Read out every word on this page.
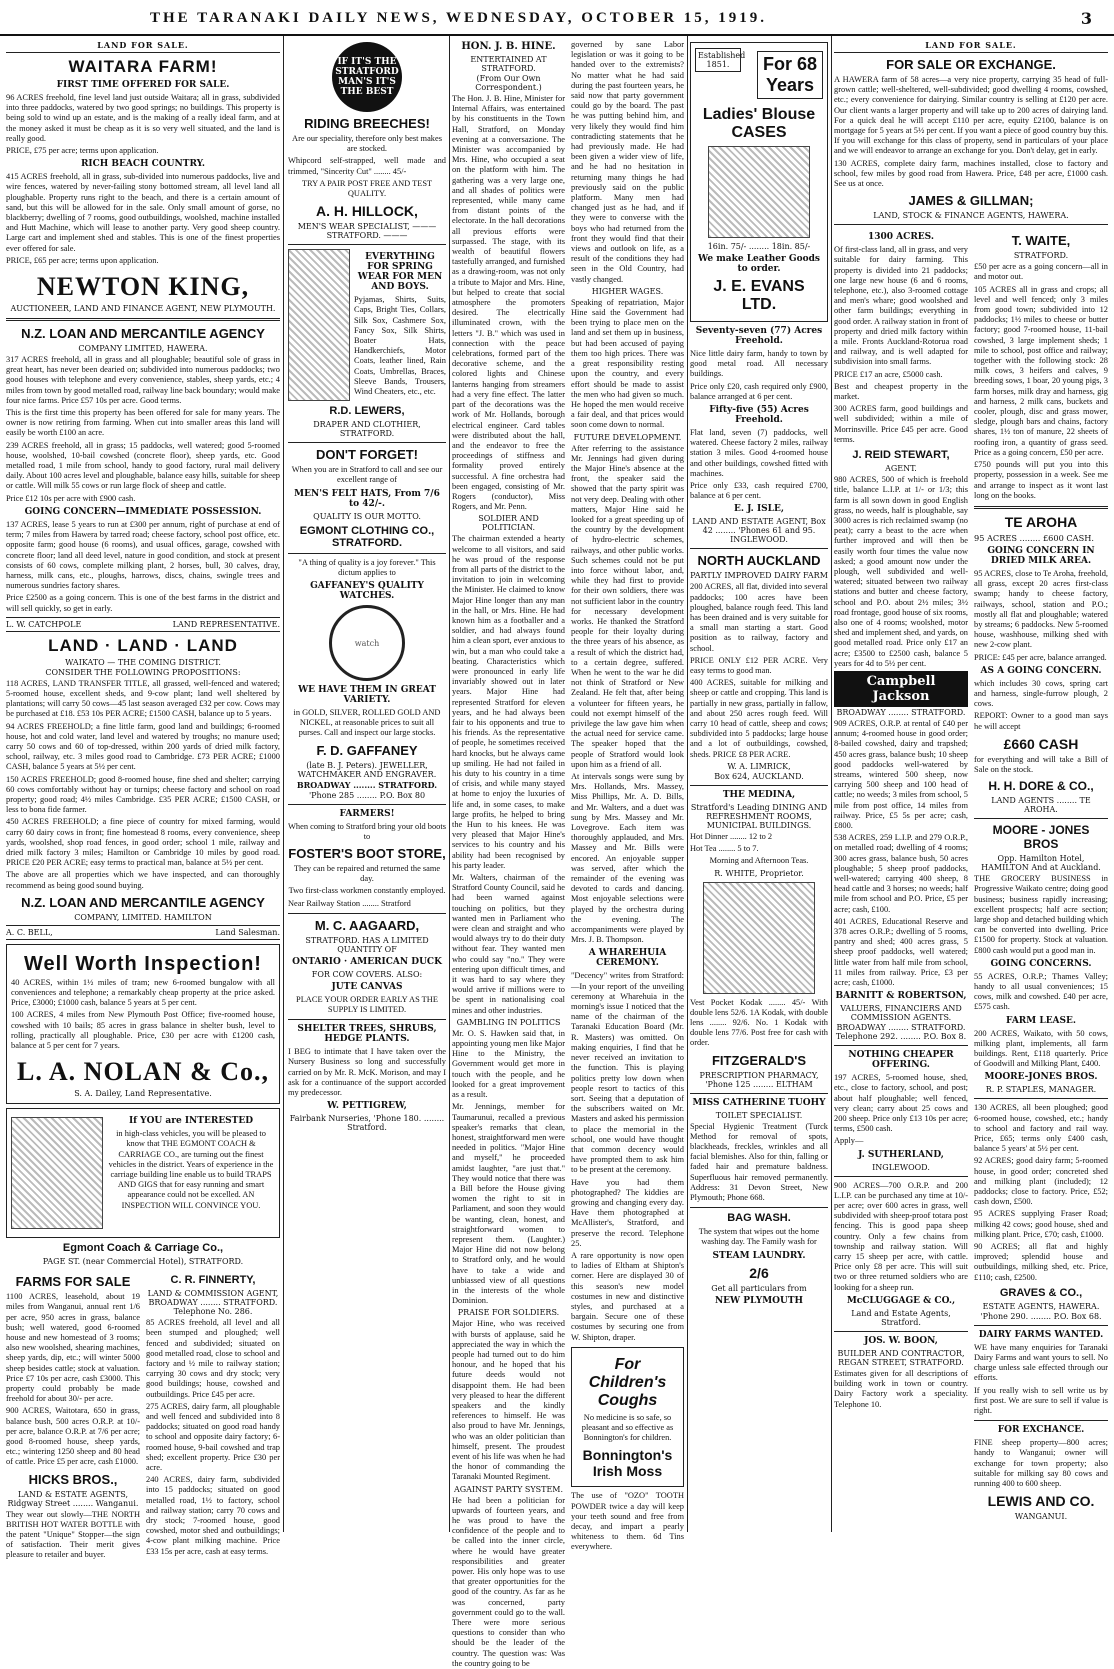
THE TARANAKI DAILY NEWS, WEDNESDAY, OCTOBER 15, 1919.	3
LAND FOR SALE.
WAITARA FARM!
FIRST TIME OFFERED FOR SALE.

96 ACRES freehold, fine level land just outside Waitara; all in grass, subdivided into three paddocks, watered by two good springs; no buildings. This property is being sold to wind up an estate, and is the making of a really ideal farm, and at the money asked it must be cheap as it is so very well situated, and the land is really good.

PRICE, £75 per acre; terms upon application.

RICH BEACH COUNTRY.

415 ACRES freehold, all in grass, sub-divided into numerous paddocks, live and wire fences, watered by never-failing stony bottomed stream, all level land all ploughable. Property runs right to the beach, and there is a certain amount of sand, but this will be allowed for in the sale. Only small amount of gorse, no blackberry; dwelling of 7 rooms, good outbuildings, woolshed, machine installed and Hutt Machine, which will lease to another party. Very good sheep country. Large cart and implement shed and stables. This is one of the finest properties ever offered for sale.

PRICE, £65 per acre; terms upon application.

NEWTON KING,
AUCTIONEER, LAND AND FINANCE AGENT, NEW PLYMOUTH.
N.Z. LOAN AND MERCANTILE AGENCY
COMPANY LIMITED, HAWERA.

317 ACRES freehold, all in grass and all ploughable; beautiful sole of grass in great heart, has never been dearied on; subdivided into numerous paddocks; two good houses with telephone and every convenience, stables, sheep yards, etc.; 4 miles from town by good metalled road, railway line back boundary; would make four nice farms. Price £57 10s per acre. Good terms.

This is the first time this property has been offered for sale for many years. The owner is now retiring from farming. When cut into smaller areas this land will easily be worth £100 an acre.

239 ACRES freehold, all in grass; 15 paddocks, well watered; good 5-roomed house, woolshed, 10-bail cowshed (concrete floor), sheep yards, etc. Good metalled road, 1 mile from school, handy to good factory, rural mail delivery daily. About 100 acres level and ploughable, balance easy hills, suitable for sheep or cattle. Will milk 55 cows or run large flock of sheep and cattle.

Price £12 10s per acre with £900 cash.

GOING CONCERN—IMMEDIATE POSSESSION.

137 ACRES, lease 5 years to run at £300 per annum, right of purchase at end of term; 7 miles from Hawera by tarred road; cheese factory, school post office, etc. opposite farm; good house (6 rooms), and usual offices, garage, cowshed with concrete floor; land all deed level, nature in good condition, and stock at present consists of 60 cows, complete milking plant, 2 horses, bull, 30 calves, dray, harness, milk cans, etc., ploughs, harrows, discs, chains, swingle trees and numerous sundries factory shares.

Price £2500 as a going concern. This is one of the best farms in the district and will sell quickly, so get in early.

L. W. CATCHPOLE	LAND REPRESENTATIVE.
LAND · LAND · LAND
WAIKATO — THE COMING DISTRICT.
CONSIDER THE FOLLOWING PROPOSITIONS:

118 ACRES, LAND TRANSFER TITLE, all grassed, well-fenced and watered; 5-roomed house, excellent sheds, and 9-cow plant; land well sheltered by plantations; will carry 50 cows—45 last season averaged £32 per cow. Cows may be purchased at £18. £53 10s PER ACRE; £1500 CASH, balance up to 5 years.

94 ACRES FREEHOLD; a fine little farm, good land and buildings; 6-roomed house, hot and cold water, land level and watered by troughs; no manure used; carry 50 cows and 60 of top-dressed, within 200 yards of dried milk factory, school, railway, etc. 3 miles good road to Cambridge. £73 PER ACRE; £1000 CASH, balance 5 years at 5½ per cent.

150 ACRES FREEHOLD; good 8-roomed house, fine shed and shelter; carrying 60 cows comfortably without hay or turnips; cheese factory and school on road property; good road; 4½ miles Cambridge. £35 PER ACRE; £1500 CASH, or less to bona fide farmer.

450 ACRES FREEHOLD; a fine piece of country for mixed farming, would carry 60 dairy cows in front; fine homestead 8 rooms, every convenience, sheep yards, woolshed, shop road fences, in good order; school 1 mile, railway and dried milk factory 3 miles; Hamilton or Cambridge 10 miles by good road. PRICE £20 PER ACRE; easy terms to practical man, balance at 5½ per cent.

The above are all properties which we have inspected, and can thoroughly recommend as being good sound buying.

N.Z. LOAN AND MERCANTILE AGENCY
COMPANY, LIMITED. HAMILTON
A. C. BELL,	Land Salesman.
Well Worth Inspection!

40 ACRES, within 1½ miles of tram; new 6-roomed bungalow with all conveniences and telephone; a remarkably cheap property at the price asked. Price, £3000; £1000 cash, balance 5 years at 5 per cent.

100 ACRES, 4 miles from New Plymouth Post Office; five-roomed house, cowshed with 10 bails; 85 acres in grass balance in shelter bush, level to rolling, practically all ploughable. Price, £30 per acre with £1200 cash, balance at 5 per cent for 7 years.

L. A. NOLAN & Co.,
S. A. Dailey, Land Representative.
If YOU are INTERESTED

in high-class vehicles, you will be pleased to know that THE EGMONT COACH & CARRIAGE CO., are turning out the finest vehicles in the district. Years of experience in the carriage building line enable us to build TRAPS AND GIGS that for easy running and smart appearance could not be excelled. AN INSPECTION WILL CONVINCE YOU.

Egmont Coach & Carriage Co.,
PAGE ST. (near Commercial Hotel), STRATFORD.
FARMS FOR SALE

1100 ACRES, leasehold, about 19 miles from Wanganui, annual rent 1/6 per acre, 950 acres in grass, balance bush; well watered, good 6-roomed house and new homestead of 3 rooms; also new woolshed, shearing machines, sheep yards, dip, etc.; will winter 5000 sheep besides cattle; stock at valuation. Price £7 10s per acre, cash £3000. This property could probably be made freehold for about 30/- per acre.

900 ACRES, Waitotara, 650 in grass, balance bush, 500 acres O.R.P. at 10/- per acre, balance O.R.P. at 7/6 per acre; good 8-roomed house, sheep yards, etc.; wintering 1250 sheep and 80 head of cattle. Price £5 per acre, cash £1000.

HICKS BROS.,
LAND & ESTATE AGENTS, Ridgway Street ........ Wanganui.

They wear out slowly—THE NORTH BRITISH HOT WATER BOTTLE with the patent "Unique" Stopper—the sign of satisfaction. Their merit gives pleasure to retailer and buyer.

C. R. FINNERTY,
LAND & COMMISSION AGENT, BROADWAY ........ STRATFORD. Telephone No. 286.

85 ACRES freehold, all level and all been stumped and ploughed; well fenced and subdivided; situated on good metalled road, close to school and factory and ½ mile to railway station; carrying 30 cows and dry stock; very good buildings; house, cowshed and outbuildings. Price £45 per acre.

275 ACRES, dairy farm, all ploughable and well fenced and subdivided into 8 paddocks; situated on good road handy to school and opposite dairy factory; 6-roomed house, 9-bail cowshed and trap shed; excellent property. Price £30 per acre.

240 ACRES, dairy farm, subdivided into 15 paddocks; situated on good metalled road, 1½ to factory, school and railway station; carry 70 cows and dry stock; 7-roomed house, good cowshed, motor shed and outbuildings; 4-cow plant milking machine. Price £33 15s per acre, cash at easy terms.

IF IT'S THE STRATFORD MAN'S IT'S THE BEST
RIDING BREECHES!

Are our speciality, therefore only best makes are stocked.

Whipcord self-strapped, well made and trimmed, "Sincerity Cut" ........ 45/-

TRY A PAIR POST FREE AND TEST QUALITY.

A. H. HILLOCK,
MEN'S WEAR SPECIALIST, ——— STRATFORD. ———
EVERYTHING FOR SPRING WEAR FOR MEN AND BOYS.

Pyjamas, Shirts, Suits, Caps, Bright Ties, Collars, Silk Sox, Cashmere Sox, Fancy Sox, Silk Shirts, Boater Hats, Handkerchiefs, Motor Coats, leather lined, Rain Coats, Umbrellas, Braces, Sleeve Bands, Trousers, Wind Cheaters, etc., etc.

R.D. LEWERS,
DRAPER AND CLOTHIER, STRATFORD.
DON'T FORGET!

When you are in Stratford to call and see our excellent range of

MEN'S FELT HATS, From 7/6 to 42/-.
QUALITY IS OUR MOTTO.
EGMONT CLOTHING CO., STRATFORD.

"A thing of quality is a joy forever." This dictum applies to

GAFFANEY'S QUALITY WATCHES.
watch
WE HAVE THEM IN GREAT VARIETY.

in GOLD, SILVER, ROLLED GOLD AND NICKEL, at reasonable prices to suit all purses. Call and inspect our large stocks.

F. D. GAFFANEY
(late B. J. Peters). JEWELLER, WATCHMAKER AND ENGRAVER.
BROADWAY ........ STRATFORD.
'Phone 285 ........ P.O. Box 80
FARMERS!

When coming to Stratford bring your old boots to

FOSTER'S BOOT STORE,

They can be repaired and returned the same day.

Two first-class workmen constantly employed.

Near Railway Station ........ Stratford

M. C. AAGAARD,
STRATFORD. HAS A LIMITED QUANTITY OF
ONTARIO · AMERICAN DUCK
FOR COW COVERS. ALSO:
JUTE CANVAS

PLACE YOUR ORDER EARLY AS THE SUPPLY IS LIMITED.

SHELTER TREES, SHRUBS, HEDGE PLANTS.

I BEG to intimate that I have taken over the Nursery Business so long and successfully carried on by Mr. R. McK. Morison, and may I ask for a continuance of the support accorded my predecessor.

W. PETTIGREW,
Fairbank Nurseries, 'Phone 180. ........ Stratford.
HON. J. B. HINE.
ENTERTAINED AT STRATFORD.
(From Our Own Correspondent.)

The Hon. J. B. Hine, Minister for Internal Affairs, was entertained by his constituents in the Town Hall, Stratford, on Monday evening at a conversazione. The Minister was accompanied by Mrs. Hine, who occupied a seat on the platform with him. The gathering was a very large one, and all shades of politics were represented, while many came from distant points of the electorate. In the hall decorations all previous efforts were surpassed. The stage, with its wealth of beautiful flowers tastefully arranged, and furnished as a drawing-room, was not only a tribute to Major and Mrs. Hine, but helped to create that social atmosphere the promoters desired. The electrically illuminated crown, with the letters "J. B." which was used in connection with the peace celebrations, formed part of the decorative scheme, and the colored lights and Chinese lanterns hanging from streamers had a very fine effect. The latter part of the decorations was the work of Mr. Hollands, borough electrical engineer. Card tables were distributed about the hall, and the endeavor to free the proceedings of stiffness and formality proved entirely successful. A fine orchestra had been engaged, consisting of Mr. Rogers (conductor), Miss Rogers, and Mr. Penn.

SOLDIER AND POLITICIAN.

The chairman extended a hearty welcome to all visitors, and said he was proud of the response from all parts of the district to the invitation to join in welcoming the Minister. He claimed to know Major Hine longer than any man in the hall, or Mrs. Hine. He had known him as a footballer and a soldier, and had always found him a clean sport, ever anxious to win, but a man who could take a beating. Characteristics which were pronounced in early life invariably showed out in later years. Major Hine had represented Stratford for eleven years, and he had always been fair to his opponents and true to his friends. As the representative of people, he sometimes received hard knocks, but he always came up smiling. He had not failed in his duty to his country in a time of crisis, and while many stayed at home to enjoy the luxuries of life and, in some cases, to make large profits, he helped to bring the Hun to his knees. He was very pleased that Major Hine's services to his country and his ability had been recognised by his party leader.

Mr. Walters, chairman of the Stratford County Council, said he had been warned against touching on politics, but they wanted men in Parliament who were clean and straight and who would always try to do their duty without fear. They wanted men who could say "no." They were entering upon difficult times, and it was hard to say where they would arrive if millions were to be spent in nationalising coal mines and other industries.

GAMBLING IN POLITICS

Mr. O. S. Hawken said that, in appointing young men like Major Hine to the Ministry, the Government would get more in touch with the people, and he looked for a great improvement as a result.

Mr. Jennings, member for Taumarunui, recalled a previous speaker's remarks that clean, honest, straightforward men were needed in politics. "Major Hine and myself," he proceeded amidst laughter, "are just that." They would notice that there was a Bill before the House giving women the right to sit in Parliament, and soon they would be wanting, clean, honest, and straightforward women to represent them. (Laughter.) Major Hine did not now belong to Stratford only, and he would have to take a wide and unbiassed view of all questions in the interests of the whole Dominion.

PRAISE FOR SOLDIERS.

Major Hine, who was received with bursts of applause, said he appreciated the way in which the people had turned out to do him honour, and he hoped that his future deeds would not disappoint them. He had been very pleased to hear the different speakers and the kindly references to himself. He was also proud to have Mr. Jennings, who was an older politician than himself, present. The proudest event of his life was when he had the honor of commanding the Taranaki Mounted Regiment.

AGAINST PARTY SYSTEM.

He had been a politician for upwards of fourteen years, and he was proud to have the confidence of the people and to be called into the inner circle, where he would have greater responsibilities and greater power. His only hope was to use that greater opportunities for the good of the country. As far as he was concerned, party government could go to the wall. There were more serious questions to consider than who should be the leader of the country. The question was: Was the country going to be

governed by sane Labor legislation or was it going to be handed over to the extremists? No matter what he had said during the past fourteen years, he said now that party government could go by the board. The past he was putting behind him, and very likely they would find him contradicting statements that he had previously made. He had been given a wider view of life, and he had no hesitation in returning many things he had previously said on the public platform. Many men had changed just as he had, and if they were to converse with the boys who had returned from the front they would find that their views and outlook on life, as a result of the conditions they had seen in the Old Country, had vastly changed.

HIGHER WAGES.

Speaking of repatriation, Major Hine said the Government had been trying to place men on the land and set them up in business, but had been accused of paying them too high prices. There was a great responsibility resting upon the country, and every effort should be made to assist the men who had given so much. He hoped the men would receive a fair deal, and that prices would soon come down to normal.

FUTURE DEVELOPMENT.

After referring to the assistance Mr. Jennings had given during the Major Hine's absence at the front, the speaker said the showed that the party spirit was not very deep. Dealing with other matters, Major Hine said he looked for a great speeding up of the country by the development of hydro-electric schemes, railways, and other public works. Such schemes could not be put into force without labor, and, while they had first to provide for their own soldiers, there was not sufficient labor in the country for necessary development works. He thanked the Stratford people for their loyalty during the three years of his absence, as a result of which the district had, to a certain degree, suffered. When he went to the war he did not think of Stratford or New Zealand. He felt that, after being a volunteer for fifteen years, he could not exempt himself of the privilege the law gave him when the actual need for service came. The speaker hoped that the people of Stratford would look upon him as a friend of all.

At intervals songs were sung by Mrs. Hollands, Mrs. Massey, Miss Phillips, Mr. A. D. Bills, and Mr. Walters, and a duet was sung by Mrs. Massey and Mr. Lovegrove. Each item was thoroughly applauded, and Mrs. Massey and Mr. Bills were encored. An enjoyable supper was served, after which the remainder of the evening was devoted to cards and dancing. Most enjoyable selections were played by the orchestra during the evening. The accompaniments were played by Mrs. J. B. Thompson.

A WHAREHUIA CEREMONY.

"Decency" writes from Stratford:—In your report of the unveiling ceremony at Wharehuia in the morning's issue I noticed that the name of the chairman of the Taranaki Education Board (Mr. R. Masters) was omitted. On making enquiries, I find that he never received an invitation to the function. This is playing politics pretty low down when people resort to tactics of this sort. Seeing that a deputation of the subscribers waited on Mr. Masters and asked his permission to place the memorial in the school, one would have thought that common decency would have prompted them to ask him to be present at the ceremony.

Have you had them photographed? The kiddies are growing and changing every day. Have them photographed at McAllister's, Stratford, and preserve the record. Telephone 25.

A rare opportunity is now open to ladies of Eltham at Shipton's corner. Here are displayed 30 of this season's new model costumes in new and distinctive styles, and purchased at a bargain. Secure one of these costumes by securing one from W. Shipton, draper.

For Children's Coughs

No medicine is so safe, so pleasant and so effective as Bonnington's for children.

Bonnington's Irish Moss

The use of "OZO" TOOTH POWDER twice a day will keep your teeth sound and free from decay, and impart a pearly whiteness to them. 6d Tins everywhere.

Established 1851.	For 68 Years
Ladies' Blouse CASES
16in. 75/- ........ 18in. 85/-
We make Leather Goods to order.
J. E. EVANS LTD.
Seventy-seven (77) Acres Freehold.

Nice little dairy farm, handy to town by good metal road. All necessary buildings.

Price only £20, cash required only £900, balance arranged at 6 per cent.

Fifty-five (55) Acres Freehold.

Flat land, seven (7) paddocks, well watered. Cheese factory 2 miles, railway station 3 miles. Good 4-roomed house and other buildings, cowshed fitted with machines.

Price only £33, cash required £700, balance at 6 per cent.

E. J. ISLE,
LAND AND ESTATE AGENT, Box 42 ........ 'Phones 61 and 95. INGLEWOOD.
NORTH AUCKLAND
PARTLY IMPROVED DAIRY FARM

200 ACRES, all flat, divided into several paddocks; 100 acres have been ploughed, balance rough feed. This land has been drained and is very suitable for a small man starting a start. Good position as to railway, factory and school.

PRICE ONLY £12 PER ACRE. Very easy terms to good man.

400 ACRES, suitable for milking and sheep or cattle and cropping. This land is partially in new grass, partially in fallow, and about 250 acres rough feed. Will carry 10 head of cattle, sheep and cows; subdivided into 5 paddocks; large house and a lot of outbuildings, cowshed, sheds. PRICE £8 PER ACRE.

W. A. LIMRICK,
Box 624, AUCKLAND.
THE MEDINA,
Stratford's Leading DINING AND REFRESHMENT ROOMS, MUNICIPAL BUILDINGS.

Hot Dinner ........ 12 to 2

Hot Tea ........ 5 to 7.

Morning and Afternoon Teas.

R. WHITE, Proprietor.

Vest Pocket Kodak ........ 45/- With double lens 52/6. 1A Kodak, with double lens ........ 92/6. No. 1 Kodak with double lens 77/6. Post free for cash with order.

FITZGERALD'S
PRESCRIPTION PHARMACY, 'Phone 125 ........ ELTHAM
MISS CATHERINE TUOHY
TOILET SPECIALIST.

Special Hygienic Treatment (Turck Method for removal of spots, blackheads, freckles, wrinkles and all facial blemishes. Also for thin, falling or faded hair and premature baldness. Superfluous hair removed permanently. Address: 31 Devon Street, New Plymouth; Phone 668.

BAG WASH.

The system that wipes out the home washing day. The Family wash for

STEAM LAUNDRY.
2/6
Get all particulars from
NEW PLYMOUTH
LAND FOR SALE.
FOR SALE OR EXCHANGE.

A HAWERA farm of 58 acres—a very nice property, carrying 35 head of full-grown cattle; well-sheltered, well-subdivided; good dwelling 4 rooms, cowshed, etc.; every convenience for dairying. Similar country is selling at £120 per acre. Our client wants a larger property and will take up to 200 acres of dairying land. For a quick deal he will accept £110 per acre, equity £2100, balance is on mortgage for 5 years at 5½ per cent. If you want a piece of good country buy this. If you will exchange for this class of property, send in particulars of your place and we will endeavor to arrange an exchange for you. Don't delay, get in early.

130 ACRES, complete dairy farm, machines installed, close to factory and school, few miles by good road from Hawera. Price, £48 per acre, £1000 cash. See us at once.

JAMES & GILLMAN;
LAND, STOCK & FINANCE AGENTS, HAWERA.
1300 ACRES.

Of first-class land, all in grass, and very suitable for dairy farming. This property is divided into 21 paddocks; one large new house (6 and 6 rooms, telephone, etc.), also 3-roomed cottage and men's whare; good woolshed and other farm buildings; everything in good order. A railway station in front of property and dried milk factory within a mile. Fronts Auckland-Rotorua road and railway, and is well adapted for subdivision into small farms.

PRICE £17 an acre, £5000 cash.

Best and cheapest property in the market.

300 ACRES farm, good buildings and well subdivided; within a mile of Morrinsville. Price £45 per acre. Good terms.

J. REID STEWART,
AGENT.

980 ACRES, 500 of which is freehold title, balance L.I.P. at 1/- or 1/3; this farm is all sown down in good English grass, no weeds, half is ploughable, say 3000 acres is rich reclaimed swamp (no peat); carry a beast to the acre when further improved and will then be easily worth four times the value now asked; a good amount now under the plough, well subdivided and well-watered; situated between two railway stations and butter and cheese factory, school and P.O. about 2½ miles; 3½ road frontage, good house of six rooms, also one of 4 rooms; woolshed, motor shed and implement shed, and yards, on good metalled road. Price only £17 an acre; £3500 to £2500 cash, balance 5 years for 4d to 5½ per cent.

Campbell Jackson
BROADWAY ........ STRATFORD.

909 ACRES, O.R.P. at rental of £40 per annum; 4-roomed house in good order; 8-bailed cowshed, dairy and trapshed; 450 acres grass, balance bush; 10 sheep good paddocks well-watered by streams, wintered 500 sheep, now carrying 500 sheep and 100 head of cattle; no weeds; 3 miles from school, 5 mile from post office, 14 miles from railway. Price, £5 5s per acre; cash, £800.

538 ACRES, 259 L.I.P. and 279 O.R.P., on metalled road; dwelling of 4 rooms; 300 acres grass, balance bush, 50 acres ploughable; 5 sheep proof paddocks, well-watered; carrying 400 sheep, 8 head cattle and 3 horses; no weeds; half mile from school and P.O. Price, £5 per acre; cash, £100.

401 ACRES, Educational Reserve and 378 acres O.R.P.; dwelling of 5 rooms, pantry and shed; 400 acres grass, 5 sheep proof paddocks, well watered; little water from half mile from school, 11 miles from railway. Price, £3 per acre; cash, £1000.

BARNITT & ROBERTSON,
VALUERS, FINANCIERS AND COMMISSION AGENTS.
BROADWAY ........ STRATFORD. Telephone 292. ........ P.O. Box 8.
NOTHING CHEAPER OFFERING.

197 ACRES, 5-roomed house, shed, etc., close to factory, school, and post; about half ploughable; well fenced, very clean; carry about 25 cows and 200 sheep. Price only £13 10s per acre; terms, £500 cash.

Apply—

J. SUTHERLAND,
INGLEWOOD.

900 ACRES—700 O.R.P. and 200 L.I.P. can be purchased any time at 10/- per acre; over 600 acres in grass, well subdivided with sheep-proof totara post fencing. This is good papa sheep country. Only a few chains from township and railway station. Will carry 15 sheep per acre, with cattle. Price only £8 per acre. This will suit two or three returned soldiers who are looking for a sheep run.

McCLUGGAGE & CO.,
Land and Estate Agents, Stratford.
JOS. W. BOON,
BUILDER AND CONTRACTOR, REGAN STREET, STRATFORD.

Estimates given for all descriptions of building work in town or country. Dairy Factory work a speciality. Telephone 10.

T. WAITE,
STRATFORD.

£50 per acre as a going concern—all in and motor out.

105 ACRES all in grass and crops; all level and well fenced; only 3 miles from good town; subdivided into 12 paddocks; 1½ miles to cheese or butter factory; good 7-roomed house, 11-bail cowshed, 3 large implement sheds; 1 mile to school, post office and railway; together with the following stock: 28 milk cows, 3 heifers and calves, 9 breeding sows, 1 boar, 20 young pigs, 3 farm horses, milk dray and harness, gig and harness, 2 milk cans, buckets and cooler, plough, disc and grass mower, sledge, plough bars and chains, factory shares, 1½ ton of manure, 22 sheets of roofing iron, a quantity of grass seed. Price as a going concern, £50 per acre.

£750 pounds will put you into this property, possession in a week. See me and arrange to inspect as it wont last long on the books.

TE AROHA
95 ACRES ........ £600 CASH.
GOING CONCERN IN DRIED MILK AREA.

95 ACRES, close to Te Aroha, freehold, all grass, except 20 acres first-class swamp; handy to cheese factory, railways, school, station and P.O.; mostly all flat and ploughable; watered by streams; 6 paddocks. New 5-roomed house, washhouse, milking shed with new 2-cow plant.

PRICE: £45 per acre, balance arranged.

AS A GOING CONCERN.

which includes 30 cows, spring cart and harness, single-furrow plough, 2 cows.

REPORT: Owner to a good man says he will accept

£660 CASH

for everything and will take a Bill of Sale on the stock.

H. H. DORE & CO.,
LAND AGENTS ........ TE AROHA.
MOORE - JONES BROS
Opp. Hamilton Hotel, HAMILTON And at Auckland.

THE GROCERY BUSINESS in Progressive Waikato centre; doing good business; business rapidly increasing; excellent prospects; half acre section; large shop and detached building which can be converted into dwelling. Price £1500 for property. Stock at valuation. £800 cash would put a good man in.

GOING CONCERNS.

55 ACRES, O.R.P.; Thames Valley; handy to all usual conveniences; 15 cows, milk and cowshed. £40 per acre, £575 cash.

FARM LEASE.

200 ACRES, Waikato, with 50 cows, milking plant, implements, all farm buildings. Rent, £118 quarterly. Price of Goodwill and Milking Plant, £400.

MOORE-JONES BROS.
R. P. STAPLES, MANAGER.

130 ACRES, all been ploughed; good 6-roomed house, cowshed, etc.; handy to school and factory and rail way. Price, £65; terms only £400 cash, balance 5 years' at 5½ per cent.

92 ACRES; good dairy farm; 5-roomed house, in good order; concreted shed and milking plant (included); 12 paddocks; close to factory. Price, £52; cash down, £500.

95 ACRES supplying Fraser Road; milking 42 cows; good house, shed and milking plant. Price, £70; cash, £1000.

90 ACRES; all flat and highly improved; splendid house and outbuildings, milking shed, etc. Price, £110; cash, £2500.

GRAVES & CO.,
ESTATE AGENTS, HAWERA.
'Phone 290. ........ P.O. Box 68.
DAIRY FARMS WANTED.

WE have many enquiries for Taranaki Dairy Farms and want yours to sell. No charge unless sale effected through our efforts.

If you really wish to sell write us by first post. We are sure to sell if value is right.

FOR EXCHANCE.

FINE sheep property—800 acres; handy to Wanganui; owner will exchange for town property; also suitable for milking say 80 cows and running 400 to 600 sheep.

LEWIS AND CO.
WANGANUI.
